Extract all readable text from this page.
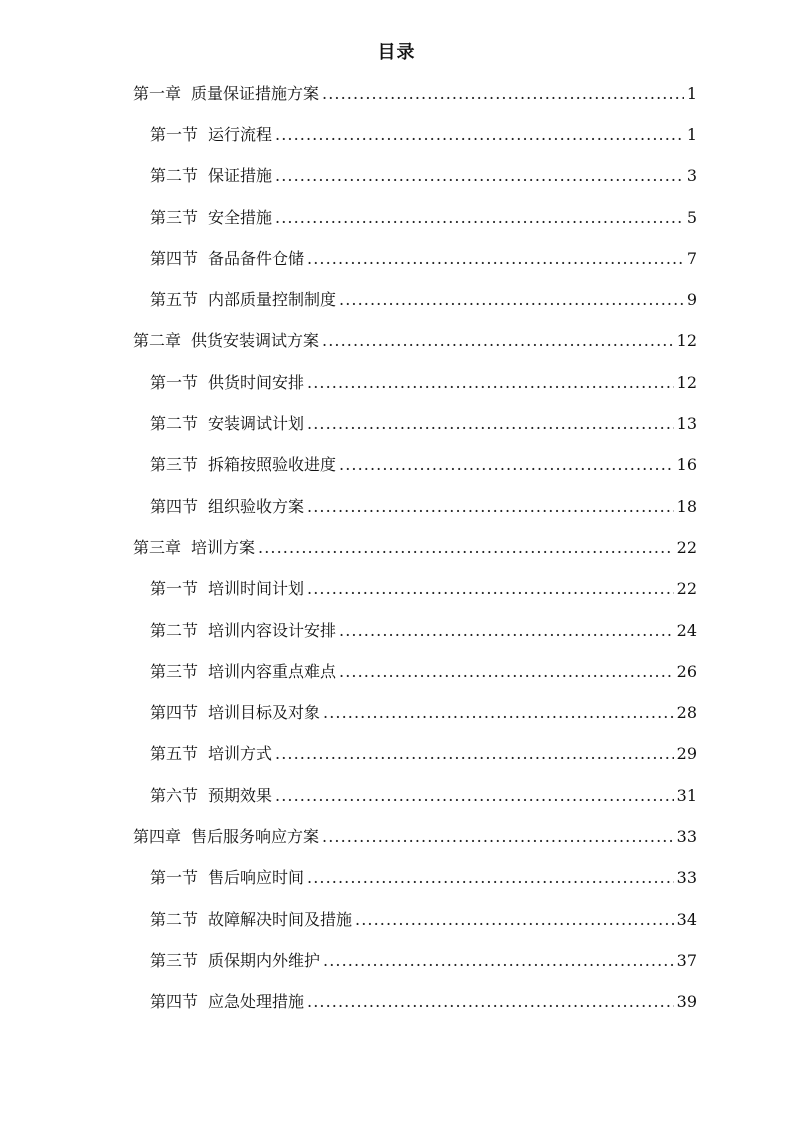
目录
第一章 质量保证措施方案 .....	1
第一节 运行流程 .....	1
第二节 保证措施 .....	3
第三节 安全措施 .....	5
第四节 备品备件仓储 .....	7
第五节 内部质量控制制度 .....	9
第二章 供货安装调试方案 .....	12
第一节 供货时间安排 .....	12
第二节 安装调试计划 .....	13
第三节 拆箱按照验收进度 .....	16
第四节 组织验收方案 .....	18
第三章 培训方案 .....	22
第一节 培训时间计划 .....	22
第二节 培训内容设计安排 .....	24
第三节 培训内容重点难点 .....	26
第四节 培训目标及对象 .....	28
第五节 培训方式 .....	29
第六节 预期效果 .....	31
第四章 售后服务响应方案 .....	33
第一节 售后响应时间 .....	33
第二节 故障解决时间及措施 .....	34
第三节 质保期内外维护 .....	37
第四节 应急处理措施 .....	39
